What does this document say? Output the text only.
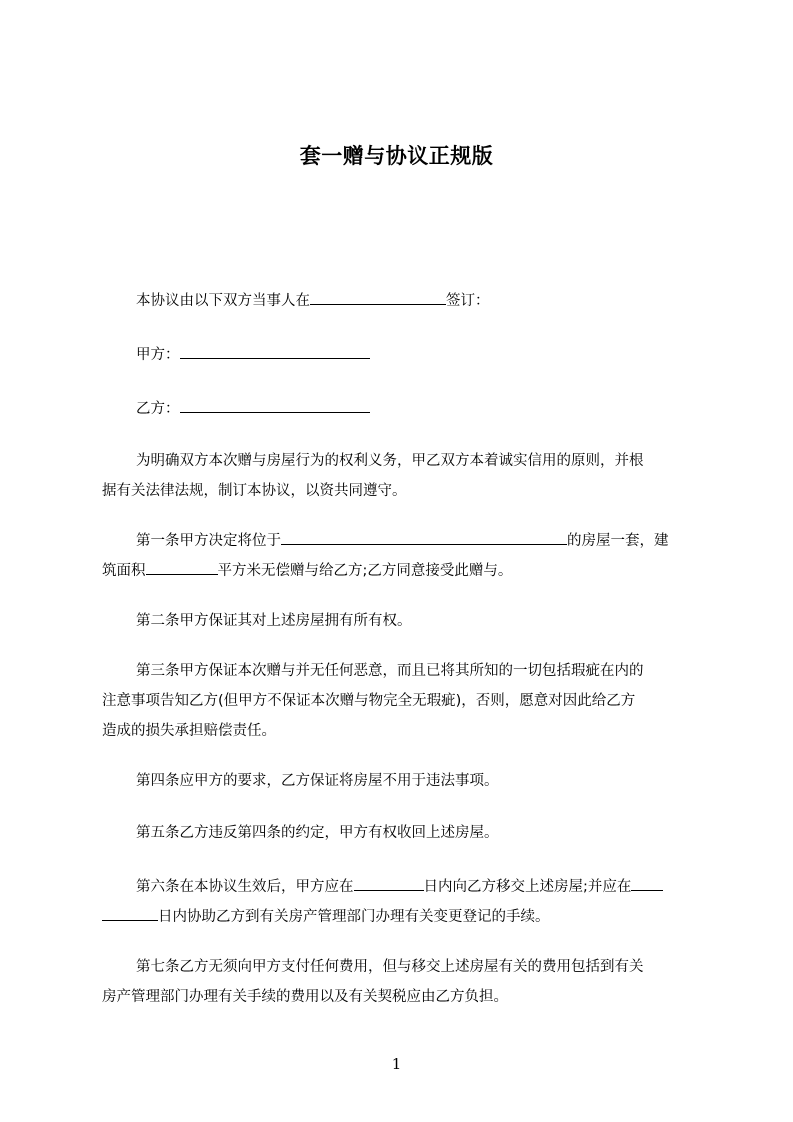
套一赠与协议正规版

本协议由以下双方当事人在	签订：

甲方：

乙方：

为明确双方本次赠与房屋行为的权利义务，甲乙双方本着诚实信用的原则，并根
据有关法律法规，制订本协议，以资共同遵守。

第一条甲方决定将位于	的房屋一套，建
筑面积	平方米无偿赠与给乙方;乙方同意接受此赠与。

第二条甲方保证其对上述房屋拥有所有权。

第三条甲方保证本次赠与并无任何恶意，而且已将其所知的一切包括瑕疵在内的
注意事项告知乙方(但甲方不保证本次赠与物完全无瑕疵)，否则，愿意对因此给乙方
造成的损失承担赔偿责任。

第四条应甲方的要求，乙方保证将房屋不用于违法事项。

第五条乙方违反第四条的约定，甲方有权收回上述房屋。

第六条在本协议生效后，甲方应在	日内向乙方移交上述房屋;并应在
日内协助乙方到有关房产管理部门办理有关变更登记的手续。

第七条乙方无须向甲方支付任何费用，但与移交上述房屋有关的费用包括到有关
房产管理部门办理有关手续的费用以及有关契税应由乙方负担。

1
